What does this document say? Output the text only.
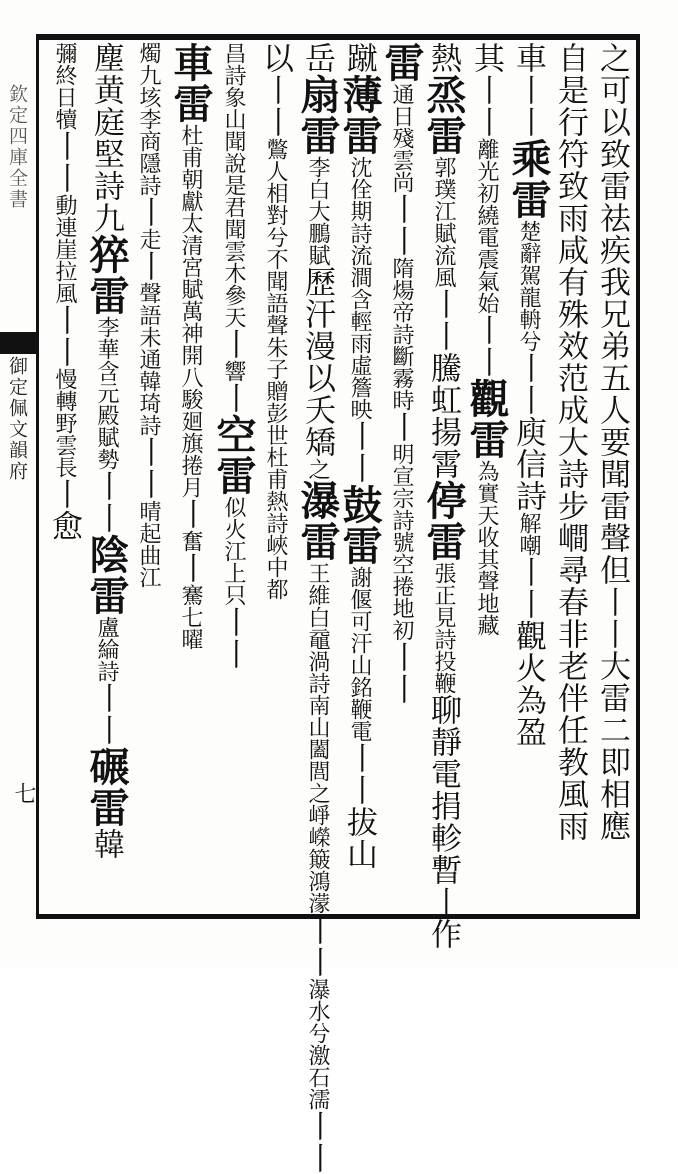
欽定四庫全書
御定佩文韻府
七
之可以致雷祛疾我兄弟五人要聞雷聲但丨丨大雷二即相應
自是行符致雨咸有殊效范成大詩步𡼏尋春非老伴任教風雨
車丨丨乘雷楚辭駕龍輈兮丨丨庾信詩解嘲丨丨觀火為盈
其丨丨離光初繞電震氣始丨丨觀雷為實天收其聲地藏
熱烝雷郭璞江賦流風丨丨騰虹揚霄停雷張正見詩投鞭聊靜電捐軫暫丨作
雷通日殘雲尚丨丨隋煬帝詩斷霧時丨明宣宗詩號空捲地初丨丨
蹴薄雷沈佺期詩流澗含輕雨虛簷映丨丨鼓雷謝偃可汗山銘鞭電丨丨拔山
岳扇雷李白大鵬賦歷汗漫以夭矯之瀑雷王維白黿渦詩南山闔閭之崢嶸簸鴻濛丨丨瀑水兮激石濡丨丨
以丨丨鷩人相對兮不聞語聲朱子贈彭世杜甫熱詩峽中都
昌詩象山聞說是君聞雲木參天丨響丨空雷似火江上只丨丨
車雷杜甫朝獻太清宮賦萬神開八駿廻旗捲月丨奮丨騫七曜
燭九垓李商隱詩丨走丨聲語未通韓琦詩丨丨晴起曲江
塵黄庭堅詩九猝雷李華含元殿賦勢丨丨陰雷盧綸詩丨丨碾雷韓
彌終日犢丨丨動連崖拉風丨丨慢轉野雲長丨愈
